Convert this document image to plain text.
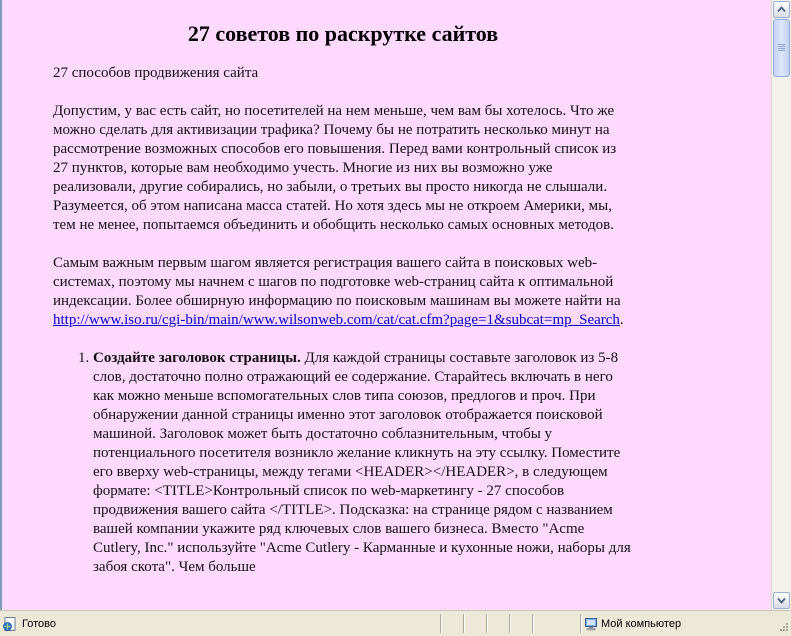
27 советов по раскрутке сайтов

27 способов продвижения сайта

Допустим, у вас есть сайт, но посетителей на нем меньше, чем вам бы хотелось. Что же можно сделать для активизации трафика? Почему бы не потратить несколько минут на рассмотрение возможных способов его повышения. Перед вами контрольный список из 27 пунктов, которые вам необходимо учесть. Многие из них вы возможно уже реализовали, другие собирались, но забыли, о третьих вы просто никогда не слышали. Разумеется, об этом написана масса статей. Но хотя здесь мы не откроем Америки, мы, тем не менее, попытаемся объединить и обобщить несколько самых основных методов.

Самым важным первым шагом является регистрация вашего сайта в поисковых web-системах, поэтому мы начнем с шагов по подготовке web-страниц сайта к оптимальной индексации. Более обширную информацию по поисковым машинам вы можете найти на http://www.iso.ru/cgi-bin/main/www.wilsonweb.com/cat/cat.cfm?page=1&subcat=mp_Search.

1. Создайте заголовок страницы. Для каждой страницы составьте заголовок из 5-8 слов, достаточно полно отражающий ее содержание. Старайтесь включать в него как можно меньше вспомогательных слов типа союзов, предлогов и проч. При обнаружении данной страницы именно этот заголовок отображается поисковой машиной. Заголовок может быть достаточно соблазнительным, чтобы у потенциального посетителя возникло желание кликнуть на эту ссылку. Поместите его вверху web-страницы, между тегами <HEADER></HEADER>, в следующем формате: <TITLE>Контрольный список по web-маркетингу - 27 способов продвижения вашего сайта </TITLE>. Подсказка: на странице рядом с названием вашей компании укажите ряд ключевых слов вашего бизнеса. Вместо "Acme Cutlery, Inc." используйте "Acme Cutlery - Карманные и кухонные ножи, наборы для забоя скота". Чем больше
Готово	Мой компьютер
